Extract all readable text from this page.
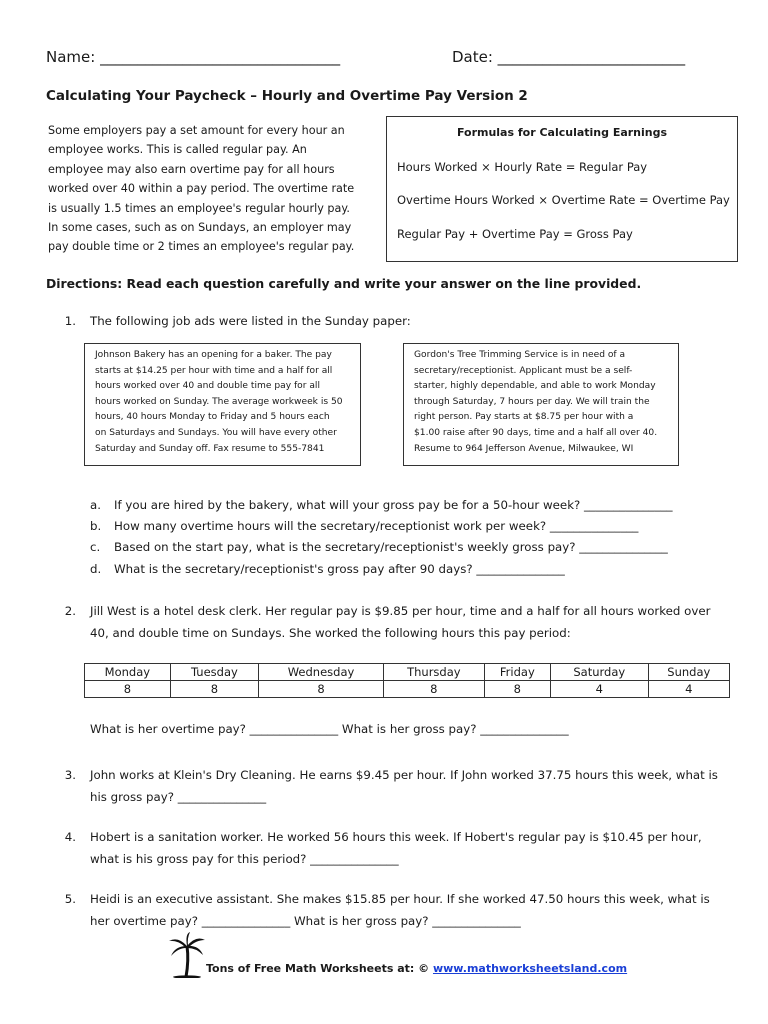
Name: ________________________________	Date: _________________________
Calculating Your Paycheck – Hourly and Overtime Pay Version 2
Some employers pay a set amount for every hour an
employee works. This is called regular pay. An
employee may also earn overtime pay for all hours
worked over 40 within a pay period. The overtime rate
is usually 1.5 times an employee's regular hourly pay.
In some cases, such as on Sundays, an employer may
pay double time or 2 times an employee's regular pay.
Formulas for Calculating Earnings
Hours Worked × Hourly Rate = Regular Pay
Overtime Hours Worked × Overtime Rate = Overtime Pay
Regular Pay + Overtime Pay = Gross Pay
Directions: Read each question carefully and write your answer on the line provided.
1. The following job ads were listed in the Sunday paper:
Johnson Bakery has an opening for a baker. The pay
starts at $14.25 per hour with time and a half for all
hours worked over 40 and double time pay for all
hours worked on Sunday. The average workweek is 50
hours, 40 hours Monday to Friday and 5 hours each
on Saturdays and Sundays. You will have every other
Saturday and Sunday off. Fax resume to 555-7841
Gordon's Tree Trimming Service is in need of a
secretary/receptionist. Applicant must be a self-
starter, highly dependable, and able to work Monday
through Saturday, 7 hours per day. We will train the
right person. Pay starts at $8.75 per hour with a
$1.00 raise after 90 days, time and a half all over 40.
Resume to 964 Jefferson Avenue, Milwaukee, WI
a. If you are hired by the bakery, what will your gross pay be for a 50-hour week? _______________
b. How many overtime hours will the secretary/receptionist work per week? _______________
c. Based on the start pay, what is the secretary/receptionist's weekly gross pay? _______________
d. What is the secretary/receptionist's gross pay after 90 days? _______________
2. Jill West is a hotel desk clerk. Her regular pay is $9.85 per hour, time and a half for all hours worked over
40, and double time on Sundays. She worked the following hours this pay period:
Monday	Tuesday	Wednesday	Thursday	Friday	Saturday	Sunday
8	8	8	8	8	4	4
What is her overtime pay? _______________ What is her gross pay? _______________
3. John works at Klein's Dry Cleaning. He earns $9.45 per hour. If John worked 37.75 hours this week, what is
his gross pay? _______________
4. Hobert is a sanitation worker. He worked 56 hours this week. If Hobert's regular pay is $10.45 per hour,
what is his gross pay for this period? _______________
5. Heidi is an executive assistant. She makes $15.85 per hour. If she worked 47.50 hours this week, what is
her overtime pay? _______________ What is her gross pay? _______________
Tons of Free Math Worksheets at: © www.mathworksheetsland.com
